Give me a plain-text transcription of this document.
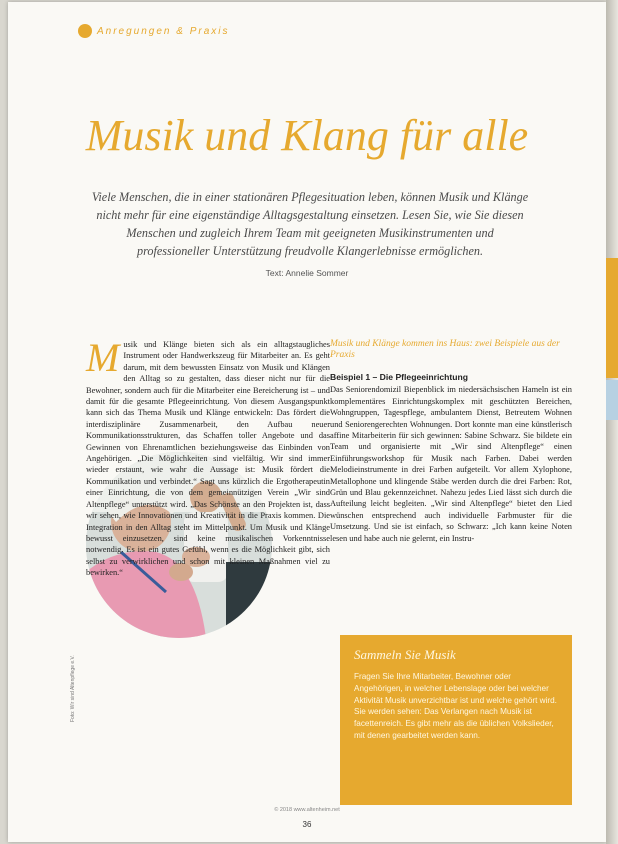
Anregungen & Praxis
Musik und Klang für alle
Viele Menschen, die in einer stationären Pflegesituation leben, können Musik und Klänge nicht mehr für eine eigenständige Alltagsgestaltung einsetzen. Lesen Sie, wie Sie diesen Menschen und zugleich Ihrem Team mit geeigneten Musikinstrumenten und professioneller Unterstützung freudvolle Klangerlebnisse ermöglichen.
Text: Annelie Sommer
Foto: Wir sind Altenpflege e.V.
M usik und Klänge bieten sich als ein alltagstaugliches Instrument oder Handwerkszeug für Mitarbeiter an. Es geht darum, mit dem bewussten Einsatz von Musik und Klängen den Alltag so zu gestalten, dass dieser nicht nur für die Bewohner, sondern auch für die Mitarbeiter eine Bereicherung ist – und damit für die gesamte Pflegeeinrichtung. Von diesem Ausgangspunkt kann sich das Thema Musik und Klänge entwickeln: Das fördert die interdisziplinäre Zusammenarbeit, den Aufbau neuer Kommunikationsstrukturen, das Schaffen toller Angebote und das Gewinnen von Ehrenamtlichen beziehungsweise das Einbinden von Angehörigen. „Die Möglichkeiten sind vielfältig. Wir sind immer wieder erstaunt, wie wahr die Aussage ist: Musik fördert die Kommunikation und verbindet.“ Sagt uns kürzlich die Ergotherapeutin einer Einrichtung, die von dem gemeinnützigen Verein „Wir sind Altenpflege“ unterstützt wird. „Das Schönste an den Projekten ist, dass wir sehen, wie Innovationen und Kreativität in die Praxis kommen. Die Integration in den Alltag steht im Mittelpunkt. Um Musik und Klänge bewusst einzusetzen, sind keine musikalischen Vorkenntnisse notwendig. Es ist ein gutes Gefühl, wenn es die Möglichkeit gibt, sich selbst zu verwirklichen und schon mit kleinen Maßnahmen viel zu bewirken.“

Musik und Klänge kommen ins Haus: zwei Beispiele aus der Praxis
Beispiel 1 – Die Pflegeeinrichtung

Das Seniorendomizil Biepenblick im niedersächsischen Hameln ist ein komplementäres Einrichtungskomplex mit geschützten Bereichen, Wohngruppen, Tagespflege, ambulantem Dienst, Betreutem Wohnen und Seniorengerechten Wohnungen. Dort konnte man eine künstlerisch affine Mitarbeiterin für sich gewinnen: Sabine Schwarz. Sie bildete ein Team und organisierte mit „Wir sind Altenpflege“ einen Einführungsworkshop für Musik nach Farben. Dabei werden Melodieinstrumente in drei Farben aufgeteilt. Vor allem Xylophone, Metallophone und klingende Stäbe werden durch die drei Farben: Rot, Grün und Blau gekennzeichnet. Nahezu jedes Lied lässt sich durch die Aufteilung leicht begleiten. „Wir sind Altenpflege“ bietet den Lied wünschen entsprechend auch individuelle Farbmuster für die Umsetzung. Und sie ist einfach, so Schwarz: „Ich kann keine Noten lesen und habe auch nie gelernt, ein Instru-

Sammeln Sie Musik
Fragen Sie Ihre Mitarbeiter, Bewohner oder Angehörigen, in welcher Lebenslage oder bei welcher Aktivität Musik unverzichtbar ist und welche gehört wird. Sie werden sehen: Das Verlangen nach Musik ist facettenreich. Es gibt mehr als die üblichen Volkslieder, mit denen gearbeitet werden kann.
© 2018 www.altenheim.net
36
